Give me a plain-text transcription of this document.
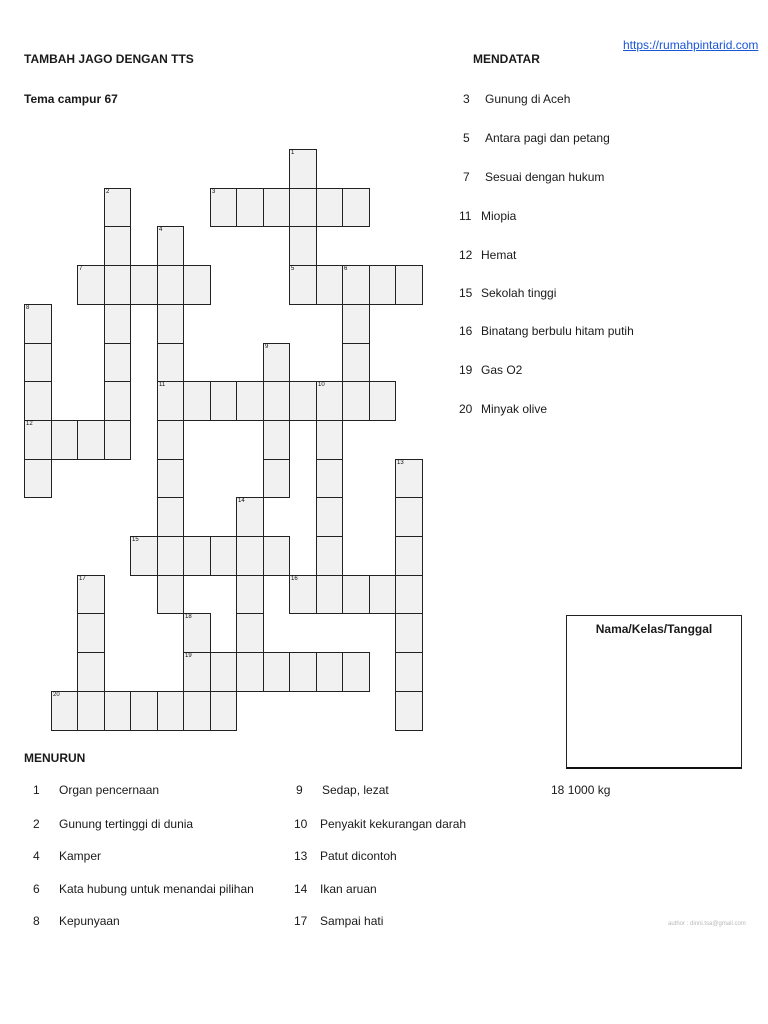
TAMBAH JAGO DENGAN TTS
Tema campur 67
https://rumahpintarid.com
1
5
2	3
4
11
6
7
8
12
9
10
13
14
15
16
17
18
19
20
MENDATAR
3 Gunung di Aceh
5 Antara pagi dan petang
7 Sesuai dengan hukum
11 Miopia
12 Hemat
15 Sekolah tinggi
16 Binatang berbulu hitam putih
19 Gas O2
20 Minyak olive
Nama/Kelas/Tanggal
MENURUN
1 Organ pencernaan
2 Gunung tertinggi di dunia
4 Kamper
6 Kata hubung untuk menandai pilihan
8 Kepunyaan
9 Sedap, lezat
10 Penyakit kekurangan darah
13 Patut dicontoh
14 Ikan aruan
17 Sampai hati
18 1000 kg
author : dinni.tsa@gmail.com
